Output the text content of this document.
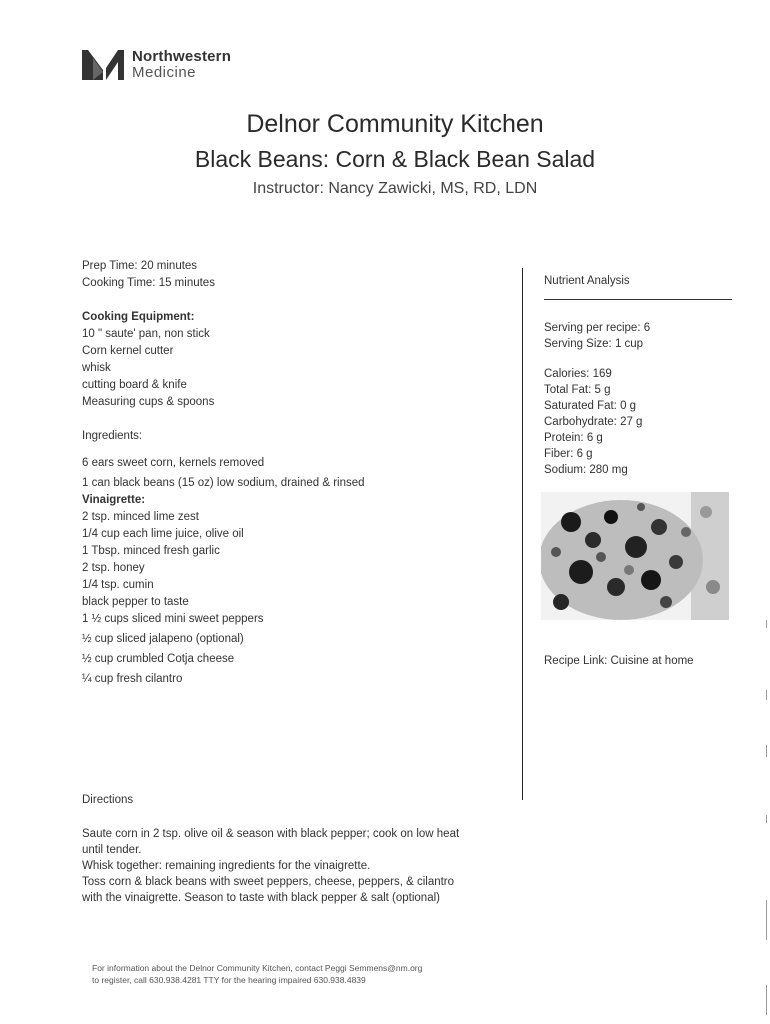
Northwestern
Medicine
Delnor Community Kitchen
Black Beans: Corn & Black Bean Salad
Instructor: Nancy Zawicki, MS, RD, LDN

Prep Time: 20 minutes

Cooking Time: 15 minutes

Cooking Equipment:

10 " saute' pan, non stick

Corn kernel cutter

whisk

cutting board & knife

Measuring cups & spoons

Ingredients:

6 ears sweet corn, kernels removed

1 can black beans (15 oz) low sodium, drained & rinsed

Vinaigrette:

2 tsp. minced lime zest

1/4 cup each lime juice, olive oil

1 Tbsp. minced fresh garlic

2 tsp. honey

1/4 tsp. cumin

black pepper to taste

1 ½ cups sliced mini sweet peppers

½ cup sliced jalapeno (optional)

½ cup crumbled Cotja cheese

¼ cup fresh cilantro

Nutrient Analysis

Serving per recipe: 6

Serving Size: 1 cup

Calories: 169

Total Fat: 5 g

Saturated Fat: 0 g

Carbohydrate: 27 g

Protein: 6 g

Fiber: 6 g

Sodium: 280 mg

Recipe Link: Cuisine at home

Directions

Saute corn in 2 tsp. olive oil & season with black pepper; cook on low heat

until tender.

Whisk together: remaining ingredients for the vinaigrette.

Toss corn & black beans with sweet peppers, cheese, peppers, & cilantro

with the vinaigrette. Season to taste with black pepper & salt (optional)

For information about the Delnor Community Kitchen, contact Peggi Semmens@nm.org

to register, call 630.938.4281 TTY for the hearing impaired 630.938.4839
